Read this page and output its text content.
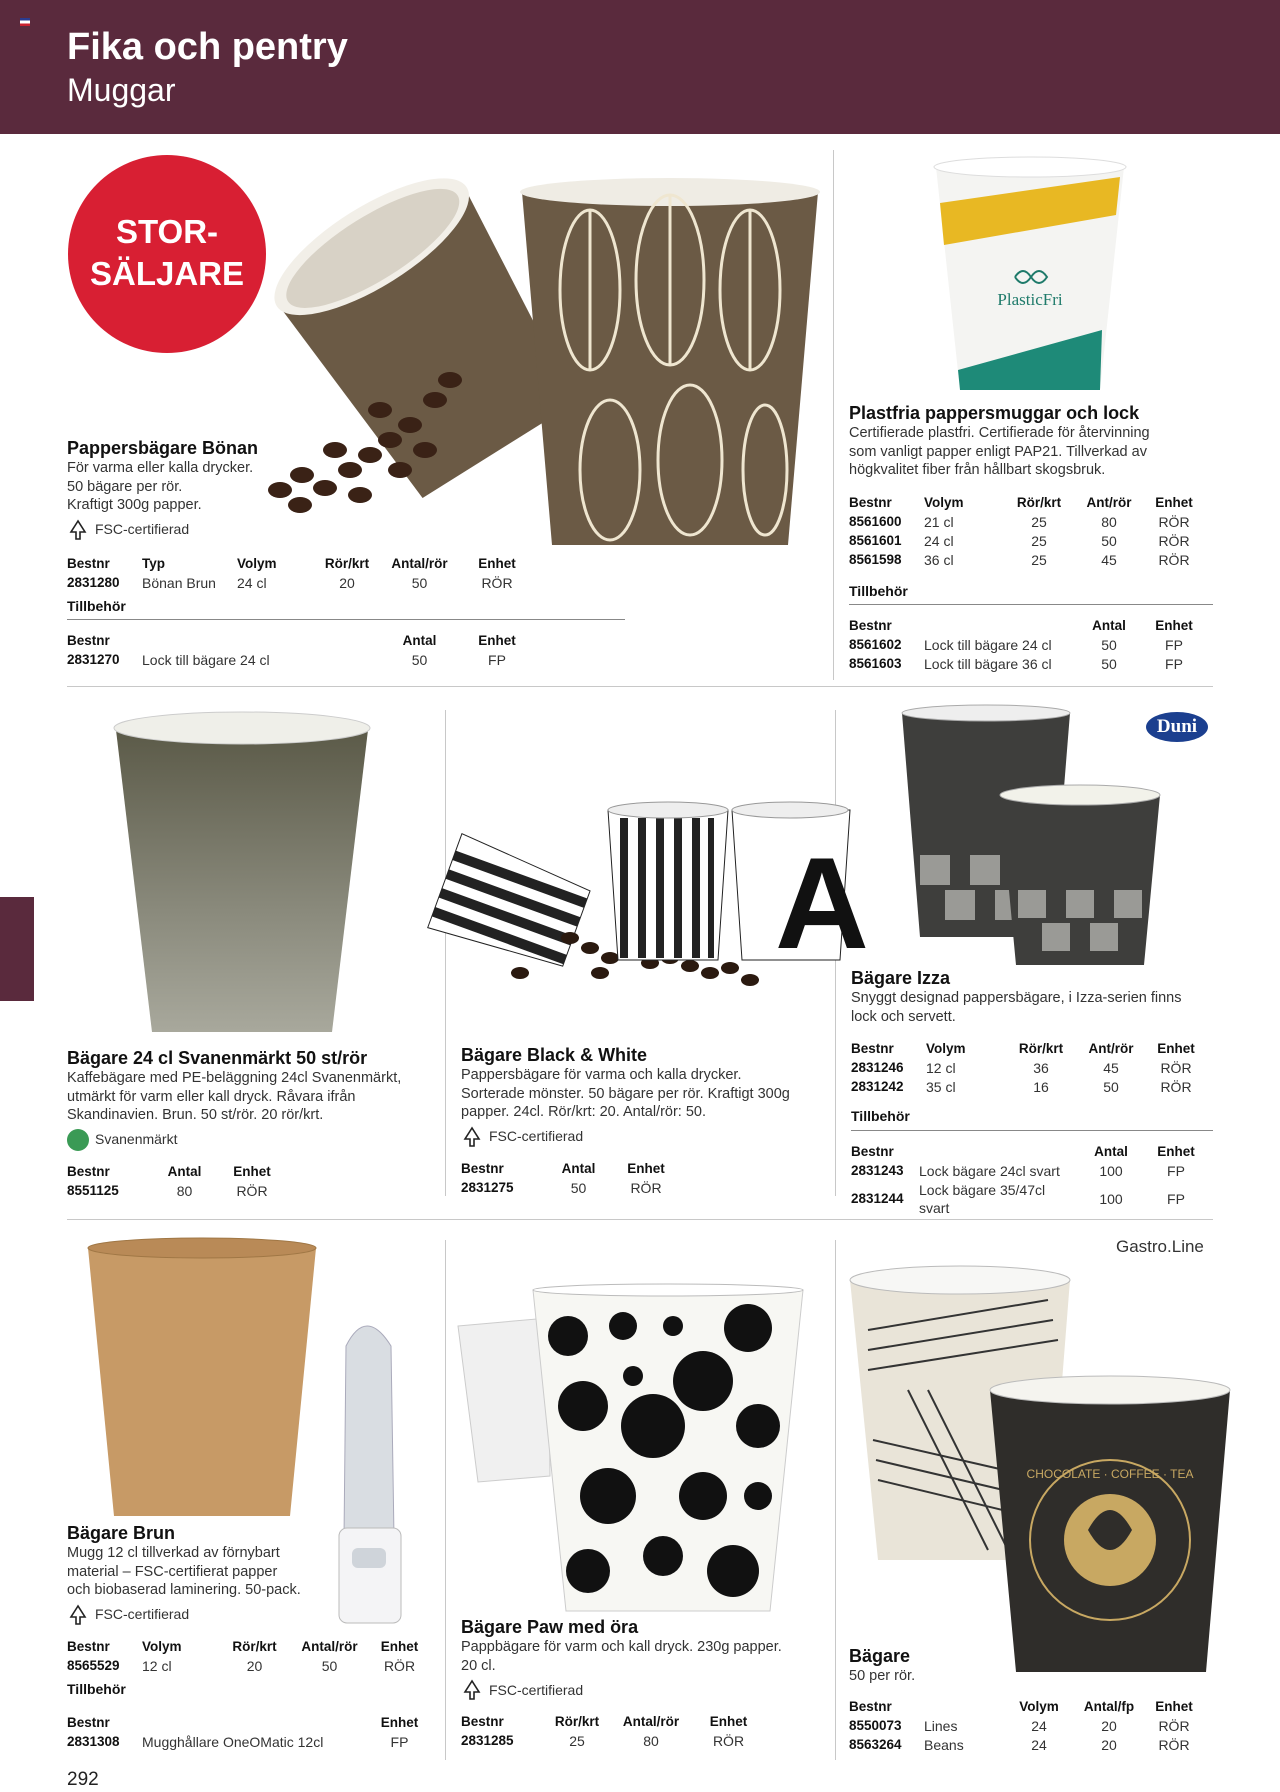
Fika och pentry
Muggar
STOR-
SÄLJARE
Pappersbägare Bönan
För varma eller kalla drycker.
50 bägare per rör.
Kraftigt 300g papper.
FSC-certifierad
Bestnr	Typ	Volym	Rör/krt	Antal/rör	Enhet
2831280	Bönan Brun	24 cl	20	50	RÖR
Tillbehör
Bestnr		Antal	Enhet
2831270	Lock till bägare 24 cl	50	FP
PlasticFri
Plastfria pappersmuggar och lock
Certifierade plastfri. Certifierade för återvinning
som vanligt papper enligt PAP21. Tillverkad av
högkvalitet fiber från hållbart skogsbruk.
Bestnr	Volym	Rör/krt	Ant/rör	Enhet
8561600	21 cl	25	80	RÖR
8561601	24 cl	25	50	RÖR
8561598	36 cl	25	45	RÖR
Tillbehör
Bestnr		Antal	Enhet
8561602	Lock till bägare 24 cl	50	FP
8561603	Lock till bägare 36 cl	50	FP
Bägare 24 cl Svanenmärkt 50 st/rör
Kaffebägare med PE-beläggning 24cl Svanenmärkt,
utmärkt för varm eller kall dryck. Råvara ifrån
Skandinavien. Brun. 50 st/rör. 20 rör/krt.
Svanenmärkt
Bestnr	Antal	Enhet
8551125	80	RÖR
A
Bägare Black & White
Pappersbägare för varma och kalla drycker.
Sorterade mönster. 50 bägare per rör. Kraftigt 300g
papper. 24cl. Rör/krt: 20. Antal/rör: 50.
FSC-certifierad
Bestnr	Antal	Enhet
2831275	50	RÖR
Duni
Bägare Izza
Snyggt designad pappersbägare, i Izza-serien finns
lock och servett.
Bestnr	Volym	Rör/krt	Ant/rör	Enhet
2831246	12 cl	36	45	RÖR
2831242	35 cl	16	50	RÖR
Tillbehör
Bestnr		Antal	Enhet
2831243	Lock bägare 24cl svart	100	FP
2831244	Lock bägare 35/47cl svart	100	FP
Bägare Brun
Mugg 12 cl tillverkad av förnybart
material – FSC-certifierat papper
och biobaserad laminering. 50-pack.
FSC-certifierad
Bestnr	Volym	Rör/krt	Antal/rör	Enhet
8565529	12 cl	20	50	RÖR
Tillbehör
Bestnr		Enhet
2831308	Mugghållare OneOMatic 12cl	FP
Bägare Paw med öra
Pappbägare för varm och kall dryck. 230g papper.
20 cl.
FSC-certifierad
Bestnr	Rör/krt	Antal/rör	Enhet
2831285	25	80	RÖR
CHOCOLATE · COFFEE · TEA
Gastro.Line
Bägare
50 per rör.
Bestnr		Volym	Antal/fp	Enhet
8550073	Lines	24	20	RÖR
8563264	Beans	24	20	RÖR
292
